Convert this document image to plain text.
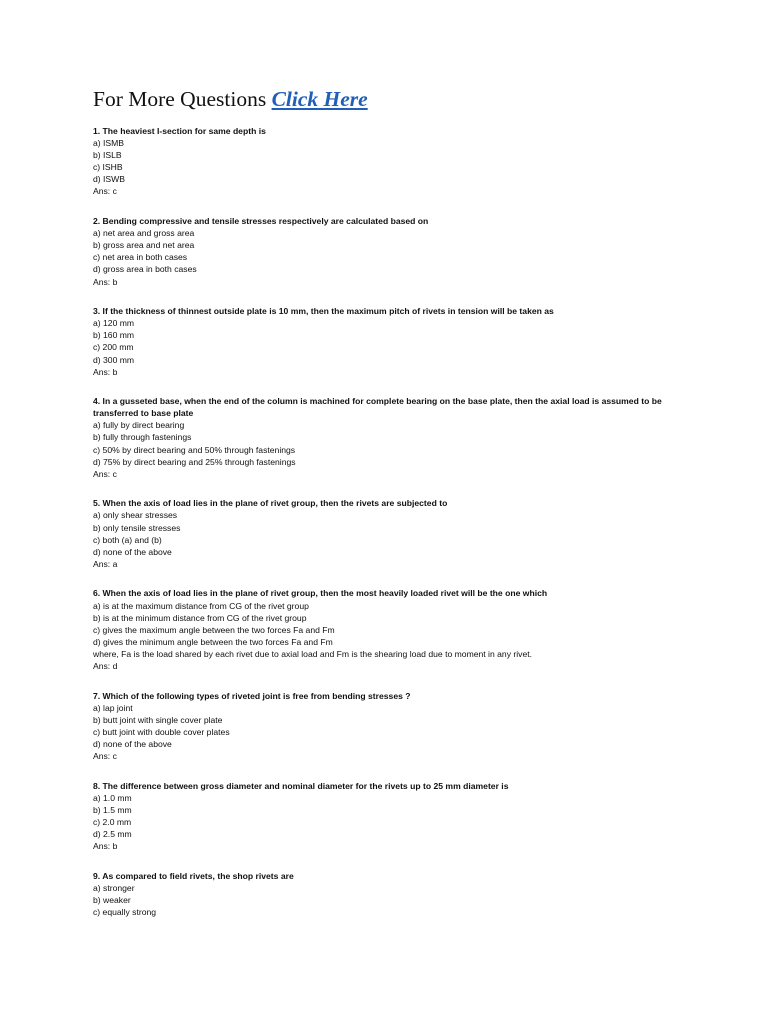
For More Questions Click Here
1. The heaviest I-section for same depth is
a) ISMB
b) ISLB
c) ISHB
d) ISWB
Ans: c
2. Bending compressive and tensile stresses respectively are calculated based on
a) net area and gross area
b) gross area and net area
c) net area in both cases
d) gross area in both cases
Ans: b
3. If the thickness of thinnest outside plate is 10 mm, then the maximum pitch of rivets in tension will be taken as
a) 120 mm
b) 160 mm
c) 200 mm
d) 300 mm
Ans: b
4. In a gusseted base, when the end of the column is machined for complete bearing on the base plate, then the axial load is assumed to be transferred to base plate
a) fully by direct bearing
b) fully through fastenings
c) 50% by direct bearing and 50% through fastenings
d) 75% by direct bearing and 25% through fastenings
Ans: c
5. When the axis of load lies in the plane of rivet group, then the rivets are subjected to
a) only shear stresses
b) only tensile stresses
c) both (a) and (b)
d) none of the above
Ans: a
6. When the axis of load lies in the plane of rivet group, then the most heavily loaded rivet will be the one which
a) is at the maximum distance from CG of the rivet group
b) is at the minimum distance from CG of the rivet group
c) gives the maximum angle between the two forces Fa and Fm
d) gives the minimum angle between the two forces Fa and Fm
where, Fa is the load shared by each rivet due to axial load and Fm is the shearing load due to moment in any rivet.
Ans: d
7. Which of the following types of riveted joint is free from bending stresses ?
a) lap joint
b) butt joint with single cover plate
c) butt joint with double cover plates
d) none of the above
Ans: c
8. The difference between gross diameter and nominal diameter for the rivets up to 25 mm diameter is
a) 1.0 mm
b) 1.5 mm
c) 2.0 mm
d) 2.5 mm
Ans: b
9. As compared to field rivets, the shop rivets are
a) stronger
b) weaker
c) equally strong
